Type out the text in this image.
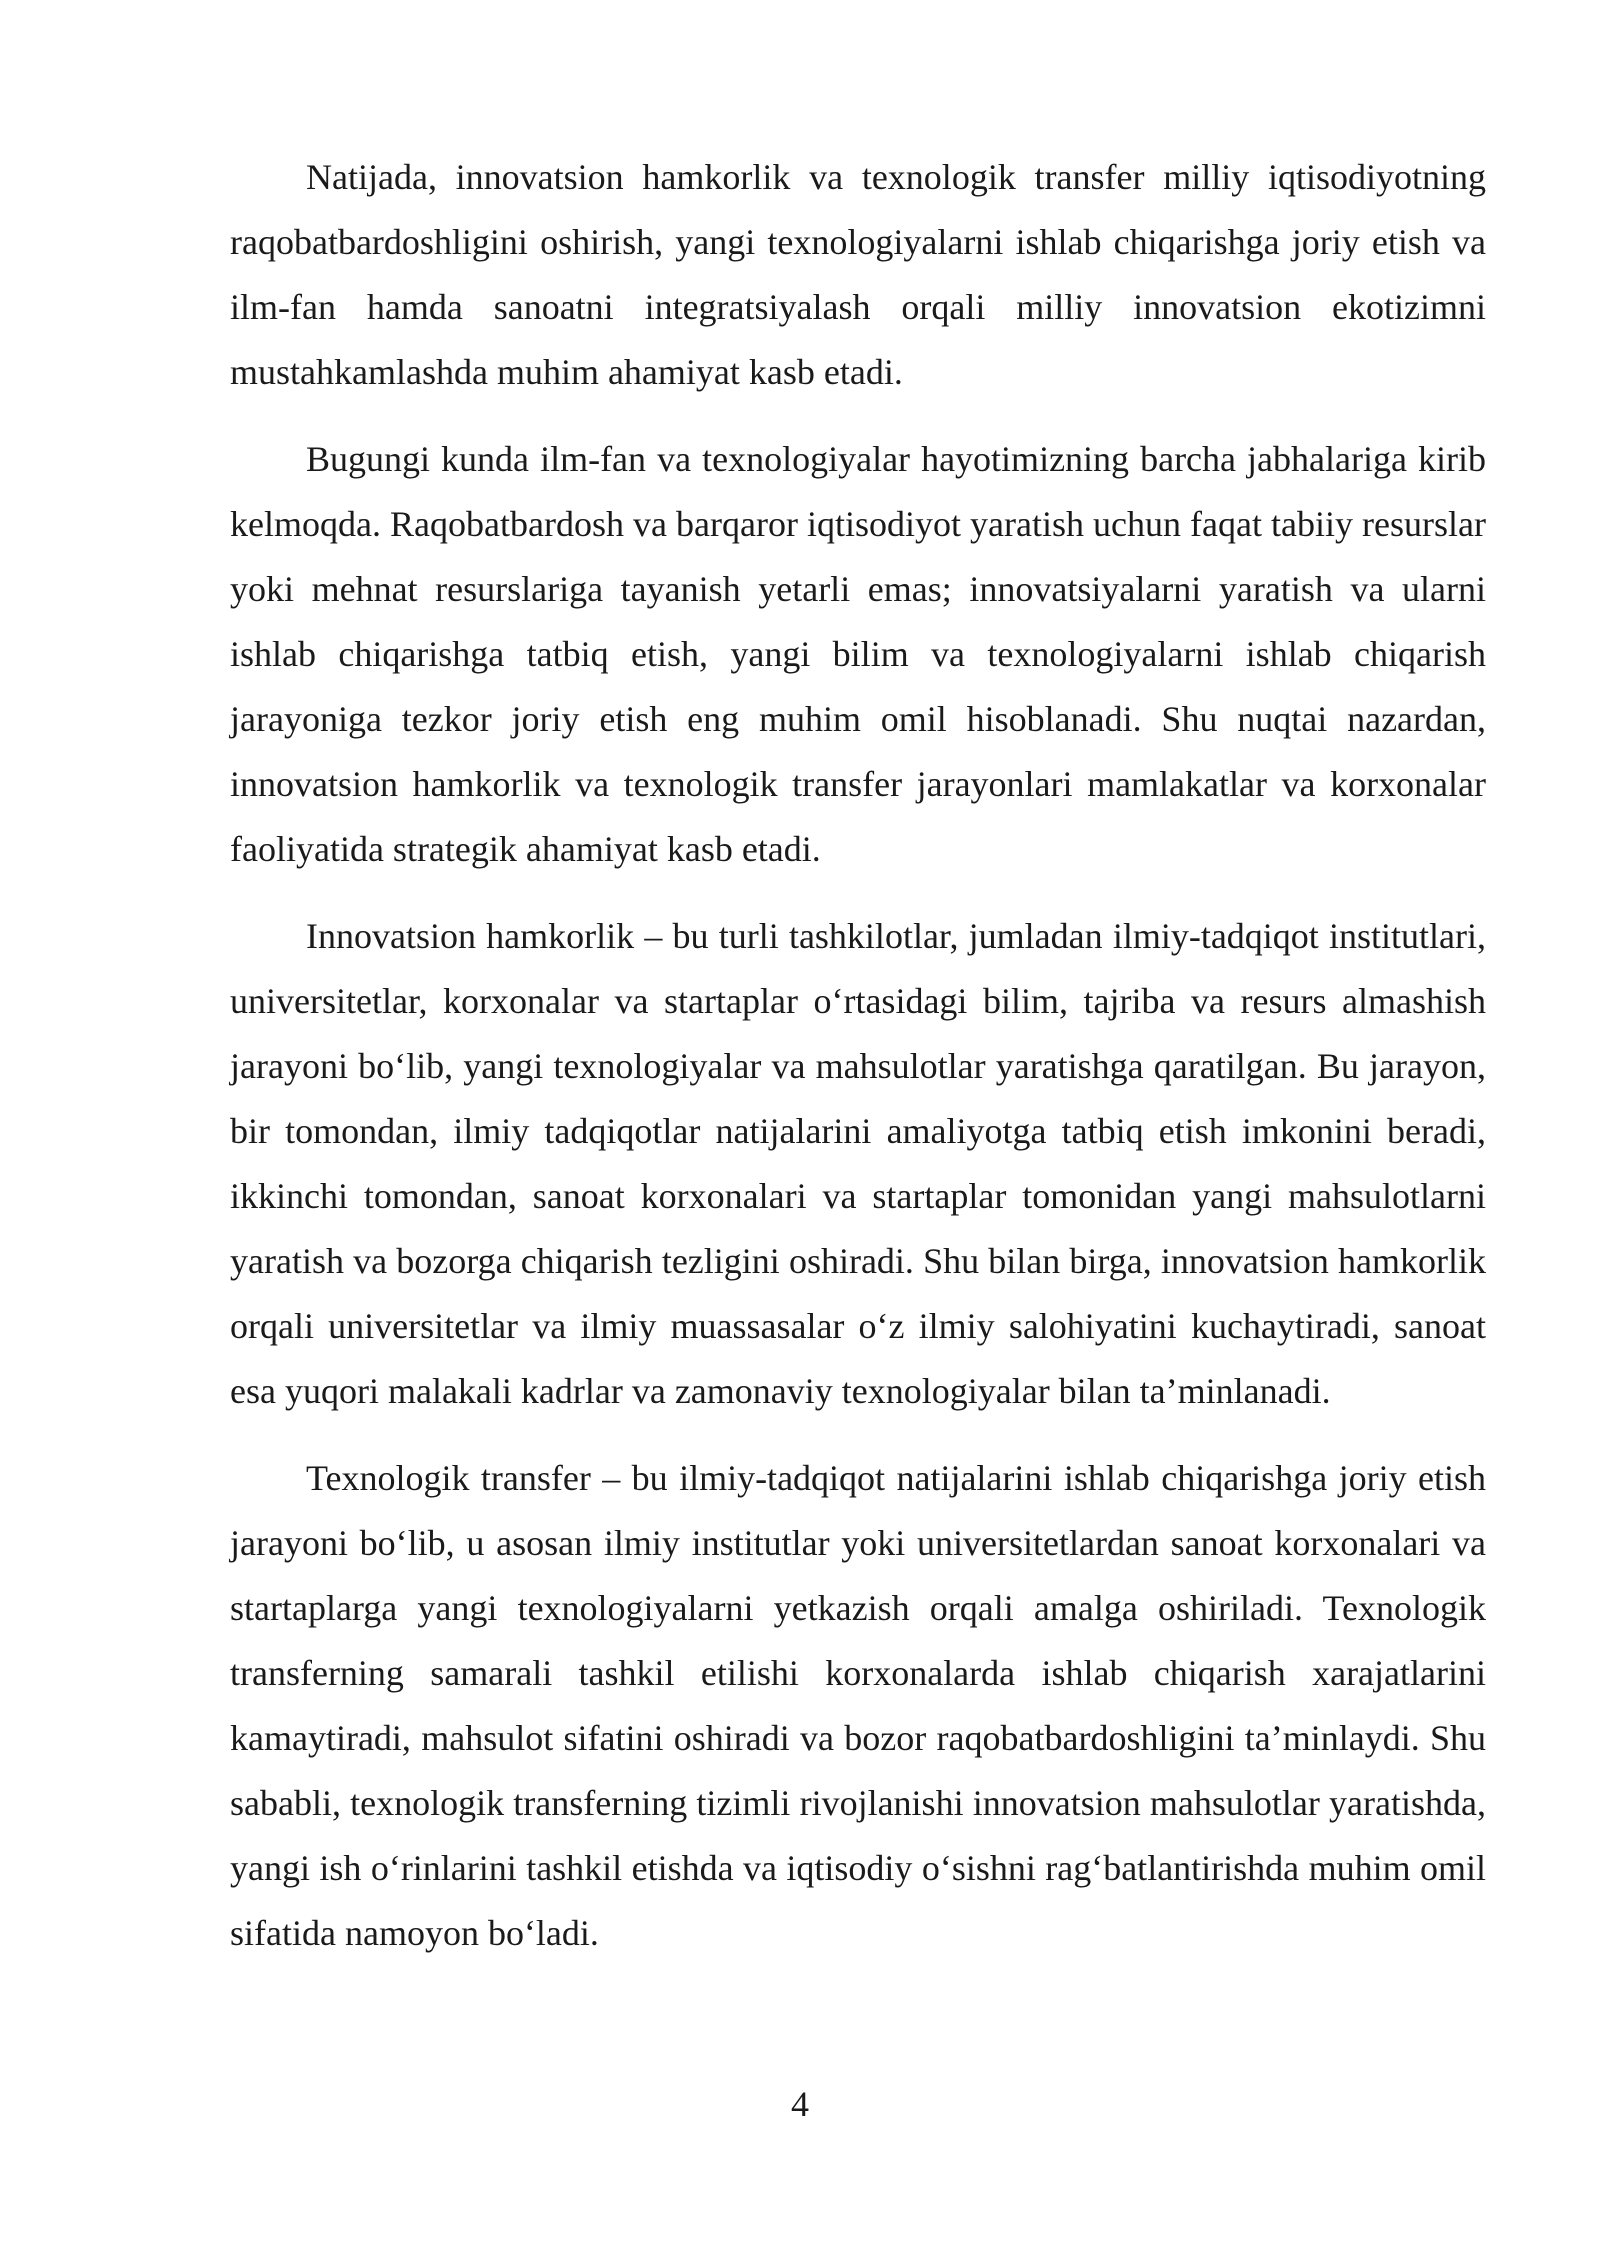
Natijada, innovatsion hamkorlik va texnologik transfer milliy iqtisodiyotning raqobatbardoshligini oshirish, yangi texnologiyalarni ishlab chiqarishga joriy etish va ilm-fan hamda sanoatni integratsiyalash orqali milliy innovatsion ekotizimni mustahkamlashda muhim ahamiyat kasb etadi.

Bugungi kunda ilm-fan va texnologiyalar hayotimizning barcha jabhalariga kirib kelmoqda. Raqobatbardosh va barqaror iqtisodiyot yaratish uchun faqat tabiiy resurslar yoki mehnat resurslariga tayanish yetarli emas; innovatsiyalarni yaratish va ularni ishlab chiqarishga tatbiq etish, yangi bilim va texnologiyalarni ishlab chiqarish jarayoniga tezkor joriy etish eng muhim omil hisoblanadi. Shu nuqtai nazardan, innovatsion hamkorlik va texnologik transfer jarayonlari mamlakatlar va korxonalar faoliyatida strategik ahamiyat kasb etadi.

Innovatsion hamkorlik – bu turli tashkilotlar, jumladan ilmiy-tadqiqot institutlari, universitetlar, korxonalar va startaplar o‘rtasidagi bilim, tajriba va resurs almashish jarayoni bo‘lib, yangi texnologiyalar va mahsulotlar yaratishga qaratilgan. Bu jarayon, bir tomondan, ilmiy tadqiqotlar natijalarini amaliyotga tatbiq etish imkonini beradi, ikkinchi tomondan, sanoat korxonalari va startaplar tomonidan yangi mahsulotlarni yaratish va bozorga chiqarish tezligini oshiradi. Shu bilan birga, innovatsion hamkorlik orqali universitetlar va ilmiy muassasalar o‘z ilmiy salohiyatini kuchaytiradi, sanoat esa yuqori malakali kadrlar va zamonaviy texnologiyalar bilan ta’minlanadi.

Texnologik transfer – bu ilmiy-tadqiqot natijalarini ishlab chiqarishga joriy etish jarayoni bo‘lib, u asosan ilmiy institutlar yoki universitetlardan sanoat korxonalari va startaplarga yangi texnologiyalarni yetkazish orqali amalga oshiriladi. Texnologik transferning samarali tashkil etilishi korxonalarda ishlab chiqarish xarajatlarini kamaytiradi, mahsulot sifatini oshiradi va bozor raqobatbardoshligini ta’minlaydi. Shu sababli, texnologik transferning tizimli rivojlanishi innovatsion mahsulotlar yaratishda, yangi ish o‘rinlarini tashkil etishda va iqtisodiy o‘sishni rag‘batlantirishda muhim omil sifatida namoyon bo‘ladi.

4
